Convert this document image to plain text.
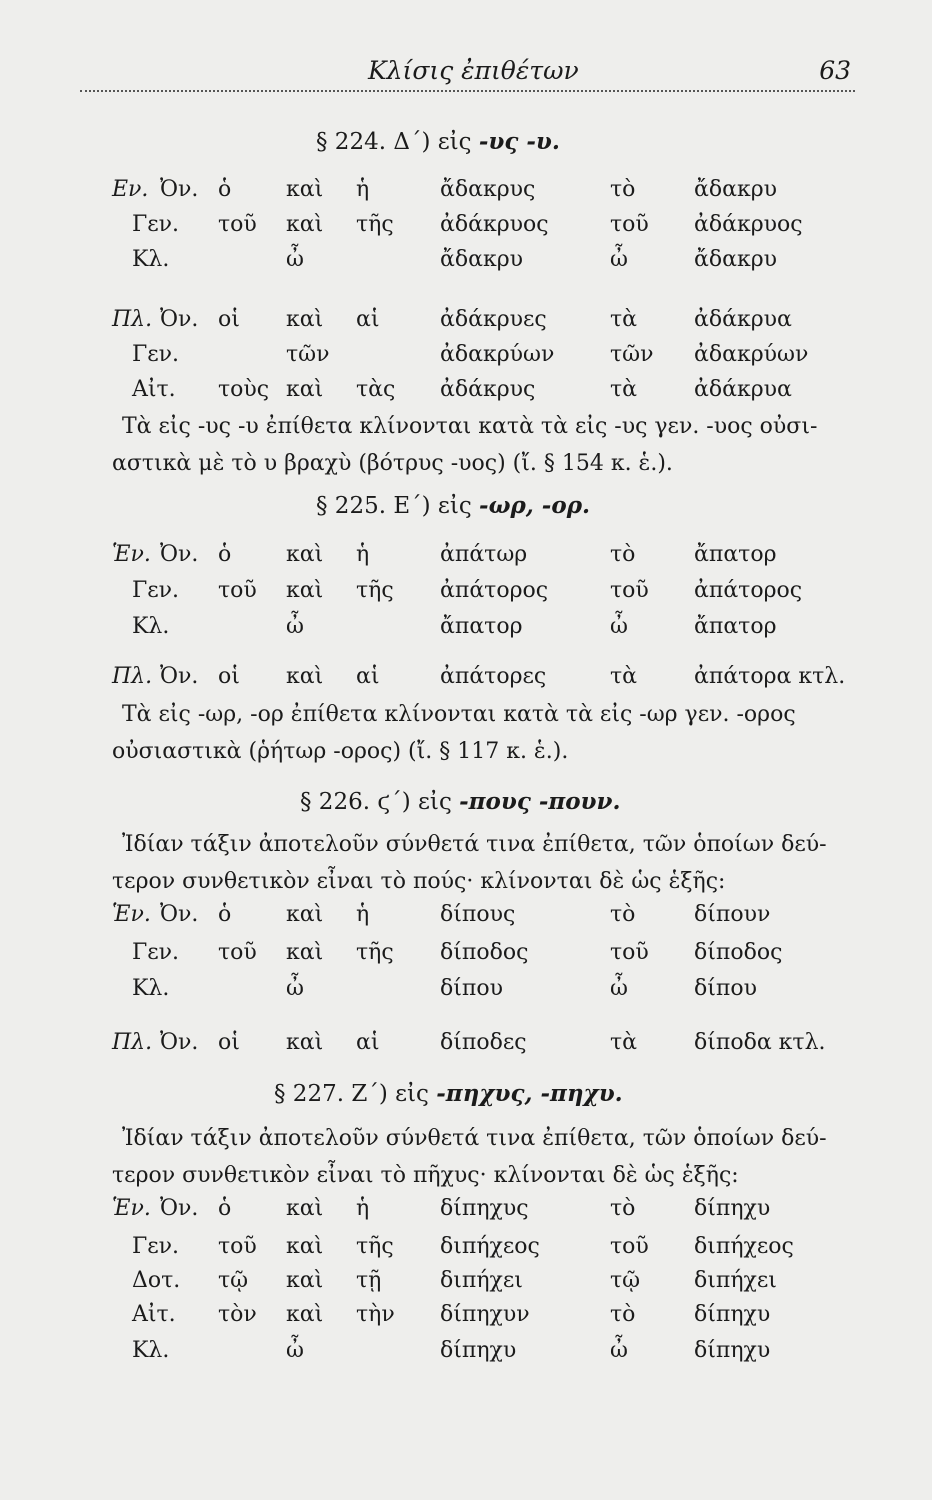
Κλίσις ἐπιθέτων	63
§ 224. Δ΄) εἰς -υς -υ.
Εν. Ὀν. ὁ καὶ ἡ	ἄδακρυς	τὸ	ἄδακρυ
Γεν. τοῦ καὶ τῆς ἀδάκρυος	τοῦ ἀδάκρυος
Κλ.	ὦ	ἄδακρυ	ὦ	ἄδακρυ
Πλ. Ὀν. οἱ καὶ αἱ	ἀδάκρυες	τὰ	ἀδάκρυα
Γεν.	τῶν	ἀδακρύων	τῶν ἀδακρύων
Αἰτ. τοὺς καὶ τὰς ἀδάκρυς	τὰ	ἀδάκρυα
Τὰ εἰς -υς -υ ἐπίθετα κλίνονται κατὰ τὰ εἰς -υς γεν. -υος οὐσι-
αστικὰ μὲ τὸ υ βραχὺ (βότρυς -υος) (ἴ. § 154 κ. ἑ.).
§ 225. Ε΄) εἰς -ωρ, -ορ.
Ἑν. Ὀν. ὁ καὶ ἡ	ἀπάτωρ	τὸ	ἄπατορ
Γεν. τοῦ καὶ τῆς ἀπάτορος	τοῦ ἀπάτορος
Κλ.	ὦ	ἄπατορ	ὦ	ἄπατορ
Πλ. Ὀν. οἱ καὶ αἱ	ἀπάτορες	τὰ	ἀπάτορα κτλ.
Τὰ εἰς -ωρ, -ορ ἐπίθετα κλίνονται κατὰ τὰ εἰς -ωρ γεν. -ορος
οὐσιαστικὰ (ῥήτωρ -ορος) (ἴ. § 117 κ. ἑ.).
§ 226. ϛ΄) εἰς -πους -πουν.
Ἰδίαν τάξιν ἀποτελοῦν σύνθετά τινα ἐπίθετα, τῶν ὁποίων δεύ-
τερον συνθετικὸν εἶναι τὸ πούς· κλίνονται δὲ ὡς ἑξῆς:
Ἑν. Ὀν. ὁ καὶ ἡ	δίπους	τὸ	δίπουν
Γεν. τοῦ καὶ τῆς δίποδος	τοῦ δίποδος
Κλ.	ὦ	δίπου	ὦ	δίπου
Πλ. Ὀν. οἱ καὶ αἱ	δίποδες	τὰ	δίποδα κτλ.
§ 227. Ζ΄) εἰς -πηχυς, -πηχυ.
Ἰδίαν τάξιν ἀποτελοῦν σύνθετά τινα ἐπίθετα, τῶν ὁποίων δεύ-
τερον συνθετικὸν εἶναι τὸ πῆχυς· κλίνονται δὲ ὡς ἑξῆς:
Ἑν. Ὀν. ὁ καὶ ἡ	δίπηχυς	τὸ	δίπηχυ
Γεν. τοῦ καὶ τῆς διπήχεος	τοῦ διπήχεος
Δοτ. τῷ καὶ τῇ	διπήχει	τῷ διπήχει
Αἰτ. τὸν καὶ τὴν δίπηχυν	τὸ	δίπηχυ
Κλ.	ὦ	δίπηχυ	ὦ	δίπηχυ
